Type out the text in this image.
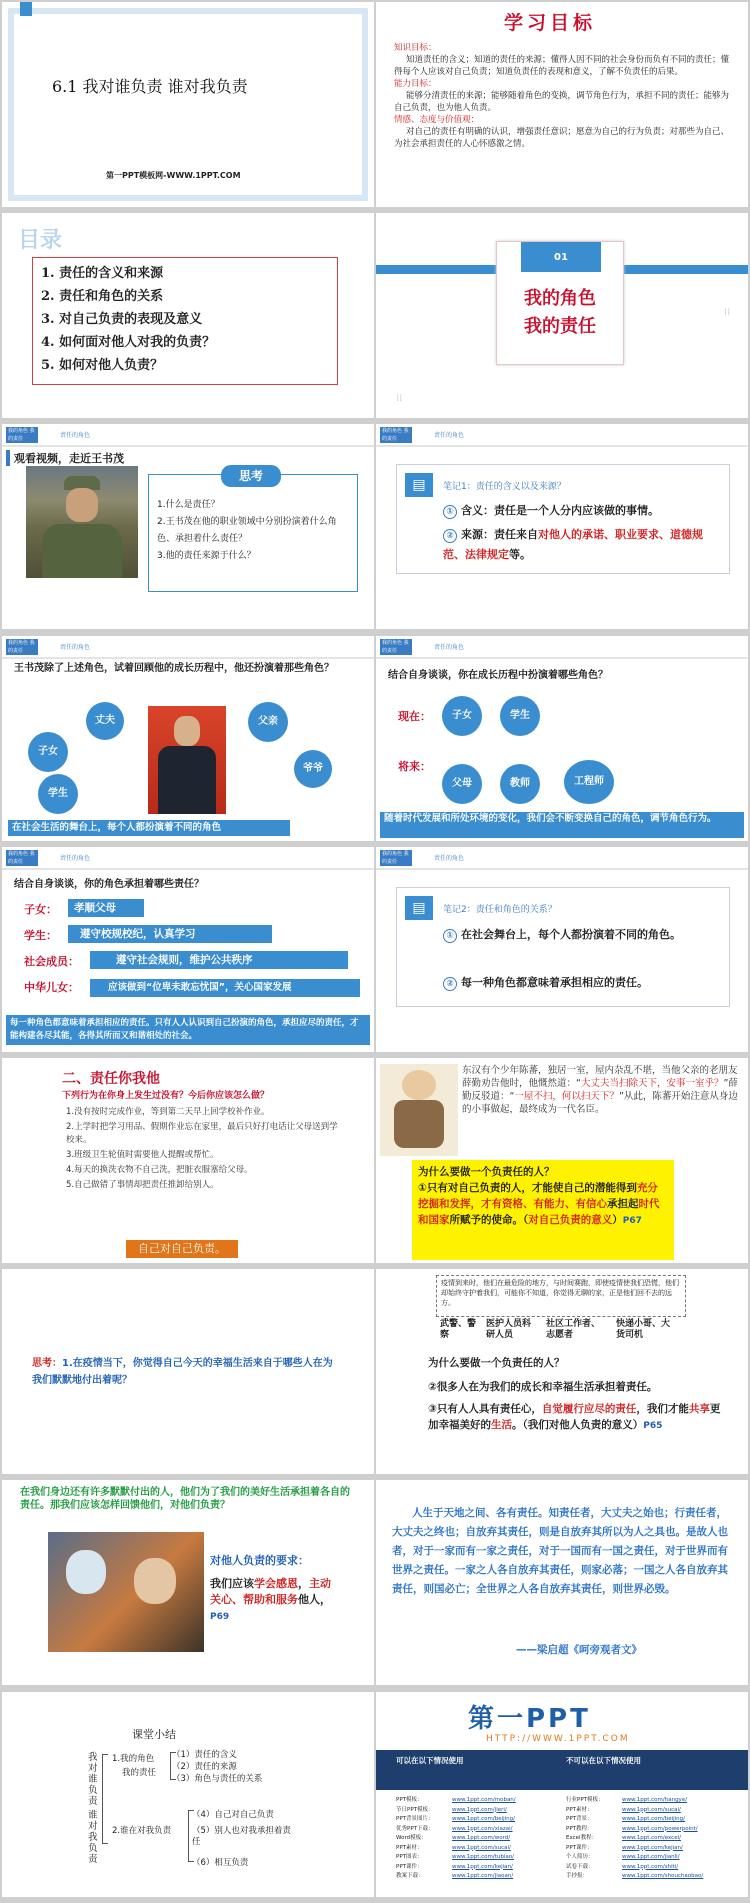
6.1 我对谁负责 谁对我负责
第一PPT模板网-WWW.1PPT.COM
学习目标
知识目标：
知道责任的含义；知道的责任的来源；懂得人因不同的社会身份而负有不同的责任；懂得每个人应该对自己负责；知道负责任的表现和意义，了解不负责任的后果。
能力目标：
能够分清责任的来源；能够随着角色的变换，调节角色行为，承担不同的责任；能够为自己负责，也为他人负责。
情感、态度与价值观：
对自己的责任有明确的认识，增强责任意识；愿意为自己的行为负责；对那些为自己、为社会承担责任的人心怀感激之情。
目录
1. 责任的含义和来源
2. 责任和角色的关系
3. 对自己负责的表现及意义
4. 如何面对他人对我的负责？
5. 如何对他人负责？
01
我的角色
我的责任
⁞⁞
⁞⁞
我的角色 我的责任	责任的角色
观看视频，走近王书茂
思考
1.什么是责任？
2.王书茂在他的职业领域中分别扮演着什么角色、承担着什么责任？
3.他的责任来源于什么？
我的角色 我的责任	责任的角色
▤	笔记1：责任的含义以及来源？
① 含义：责任是一个人分内应该做的事情。
② 来源：责任来自对他人的承诺、职业要求、道德规范、法律规定等。
我的角色 我的责任	责任的角色
王书茂除了上述角色，试着回顾他的成长历程中，他还扮演着那些角色？
丈夫	父亲
子女
爷爷
学生
在社会生活的舞台上，每个人都扮演着不同的角色
我的角色 我的责任	责任的角色
结合自身谈谈，你在成长历程中扮演着哪些角色？
现在：	子女	学生
将来：
父母	教师	工程师
随着时代发展和所处环境的变化，我们会不断变换自己的角色，调节角色行为。
我的角色 我的责任	责任的角色
结合自身谈谈，你的角色承担着哪些责任？
子女：	孝顺父母
学生：	遵守校规校纪，认真学习
社会成员：	遵守社会规则，维护公共秩序
中华儿女：	应该做到“位卑未敢忘忧国”，关心国家发展
每一种角色都意味着承担相应的责任。只有人人认识到自己扮演的角色，承担应尽的责任，才能构建各尽其能，各得其所而又和谐相处的社会。
我的角色 我的责任	责任的角色
▤	笔记2：责任和角色的关系？
① 在社会舞台上，每个人都扮演着不同的角色。
② 每一种角色都意味着承担相应的责任。
二、责任你我他
下列行为在你身上发生过没有？今后你应该怎么做？
1.没有按时完成作业，等到第二天早上回学校补作业。
2.上学时把学习用品、假期作业忘在家里，最后只好打电话让父母送到学校来。
3.班级卫生轮值时需要他人提醒或帮忙。
4.每天的换洗衣物不自己洗，把脏衣服塞给父母。
5.自己做错了事情却把责任推卸给别人。
自己对自己负责。
东汉有个少年陈蕃，独居一室，屋内杂乱不堪，当他父亲的老朋友薛勤劝告他时，他慨然道：“大丈夫当扫除天下，安事一室乎？”薛勤反驳道：“一屋不扫，何以扫天下？”从此，陈蕃开始注意从身边的小事做起，最终成为一代名臣。
为什么要做一个负责任的人？
①只有对自己负责的人，才能使自己的潜能得到充分挖掘和发挥，才有资格、有能力、有信心承担起时代和国家所赋予的使命。（对自己负责的意义）P67
思考：1.在疫情当下，你觉得自己今天的幸福生活来自于哪些人在为我们默默地付出着呢？
疫情到来时，他们在最危险的地方，与时间赛跑，即使疫情使我们恐慌，他们却始终守护着我们，可能你不知道，你觉得无聊的家，正是他们回不去的远方。
武警、警察
医护人员科研人员
社区工作者、志愿者
快递小哥、大货司机
为什么要做一个负责任的人？
②很多人在为我们的成长和幸福生活承担着责任。
③只有人人具有责任心，自觉履行应尽的责任，我们才能共享更加幸福美好的生活。（我们对他人负责的意义）P65
在我们身边还有许多默默付出的人，他们为了我们的美好生活承担着各自的责任。那我们应该怎样回馈他们，对他们负责？
对他人负责的要求：
我们应该学会感恩，主动关心、帮助和服务他人，P69
人生于天地之间、各有责任。知责任者，大丈夫之始也；行责任者，大丈夫之终也；自放弃其责任，则是自放弃其所以为人之具也。是故人也者，对于一家而有一家之责任，对于一国而有一国之责任，对于世界而有世界之责任。一家之人各自放弃其责任，则家必落；一国之人各自放弃其责任，则国必亡；全世界之人各自放弃其责任，则世界必毁。
——梁启超《呵旁观者文》
课堂小结
我对谁负责
谁对我负责
1.我的角色
我的责任
（1）责任的含义
（2）责任的来源
（3）角色与责任的关系
2.谁在对我负责
（4）自己对自己负责
（5）别人也对我承担着责任
（6）相互负责
第一PPT
HTTP://WWW.1PPT.COM
可以在以下情况使用	不可以在以下情况使用
PPT模板：	www.1ppt.com/moban/
节日PPT模板：	www.1ppt.com/jieri/
PPT背景图片：	www.1ppt.com/beijing/
优秀PPT下载：	www.1ppt.com/xiazai/
Word模板：	www.1ppt.com/word/
PPT素材：	www.1ppt.com/sucai/
PPT图表：	www.1ppt.com/tubiao/
PPT课件：	www.1ppt.com/kejian/
教案下载：	www.1ppt.com/jiaoan/
行业PPT模板：	www.1ppt.com/hangye/
PPT素材：	www.1ppt.com/sucai/
PPT背景：	www.1ppt.com/beijing/
PPT教程：	www.1ppt.com/powerpoint/
Excel教程：	www.1ppt.com/excel/
PPT课件：	www.1ppt.com/kejian/
个人简历：	www.1ppt.com/jianli/
试卷下载：	www.1ppt.com/shiti/
手抄报：	www.1ppt.com/shouchaobao/
